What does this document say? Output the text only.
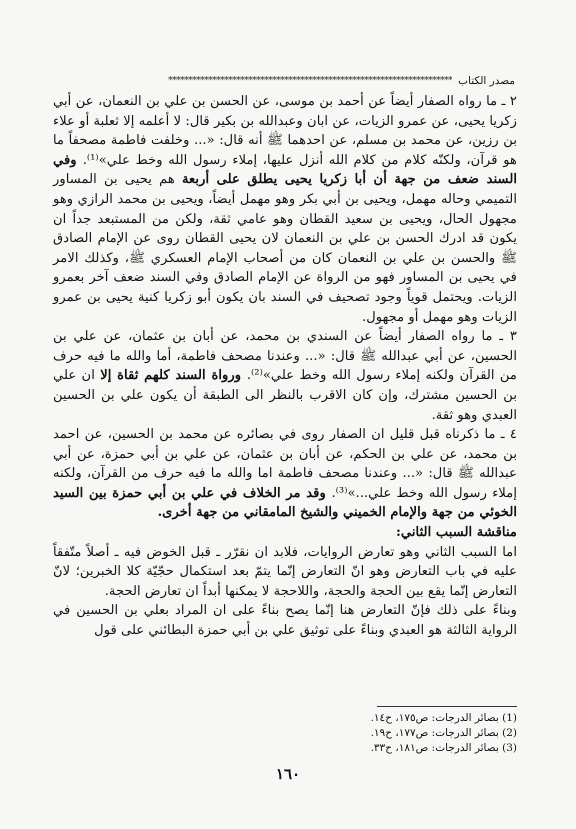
مصدر الكتاب
***********************************************************************

٢ ـ ما رواه الصفار أيضاً عن أحمد بن موسى، عن الحسن بن علي بن النعمان، عن أبي زكريا يحيى، عن عمرو الزيات، عن ابان وعبدالله بن بكير قال: لا أعلمه إلا ثعلبة أو علاء بن رزين، عن محمد بن مسلم، عن احدهما ﷺ أنه قال: «... وخلفت فاطمة مصحفاً ما هو قرآن، ولكنّه كلام من كلام الله أنزل عليها، إملاء رسول الله وخط علي»⁽¹⁾. وفي السند ضعف من جهة أن أبا زكريا يحيى يطلق على أربعة هم يحيى بن المساور التميمي وحاله مهمل، ويحيى بن أبي بكر وهو مهمل أيضاً، ويحيى بن محمد الرازي وهو مجهول الحال، ويحيى بن سعيد القطان وهو عامي ثقة، ولكن من المستبعد جداً ان يكون قد ادرك الحسن بن علي بن النعمان لان يحيى القطان روى عن الإمام الصادق ﷺ والحسن بن علي بن النعمان كان من أصحاب الإمام العسكري ﷺ، وكذلك الامر في يحيى بن المساور فهو من الرواة عن الإمام الصادق وفي السند ضعف آخر بعمرو الزيات. ويحتمل قوياً وجود تصحيف في السند بان يكون أبو زكريا كنية يحيى بن عمرو الزيات وهو مهمل أو مجهول.

٣ ـ ما رواه الصفار أيضاً عن السندي بن محمد، عن أبان بن عثمان، عن علي بن الحسين، عن أبي عبدالله ﷺ قال: «... وعندنا مصحف فاطمة، أما والله ما فيه حرف من القرآن ولكنه إملاء رسول الله وخط علي»⁽²⁾. ورواة السند كلهم ثقاة إلا ان علي بن الحسين مشترك، وإن كان الاقرب بالنظر الى الطبقة أن يكون علي بن الحسين العبدي وهو ثقة.

٤ ـ ما ذكرناه قبل قليل ان الصفار روى في بصائره عن محمد بن الحسين، عن احمد بن محمد، عن علي بن الحكم، عن أبان بن عثمان، عن علي بن أبي حمزة، عن أبي عبدالله ﷺ قال: «... وعندنا مصحف فاطمة اما والله ما فيه حرف من القرآن، ولكنه إملاء رسول الله وخط علي...»⁽³⁾. وقد مر الخلاف في علي بن أبي حمزة بين السيد الخوئي من جهة والإمام الخميني والشيخ المامقاني من جهة أخرى.

مناقشة السبب الثاني:

اما السبب الثاني وهو تعارض الروايات، فلابد ان نقرّر ـ قبل الخوض فيه ـ أصلاً متّفقاً عليه في باب التعارض وهو انّ التعارض إنّما يتمّ بعد استكمال حجّيّة كلا الخبرين؛ لانّ التعارض إنّما يقع بين الحجة والحجة، واللاحجة لا يمكنها أبداً ان تعارض الحجة.

وبناءً على ذلك فإنّ التعارض هنا إنّما يصح بناءً على ان المراد بعلي بن الحسين في الرواية الثالثة هو العبدي وبناءً على توثيق علي بن أبي حمزة البطائني على قول

(1) بصائر الدرجات: ص١٧٥، ح١٤.
(2) بصائر الدرجات: ص١٧٧، ح١٩.
(3) بصائر الدرجات: ص١٨١، ح٣٣.
١٦٠
